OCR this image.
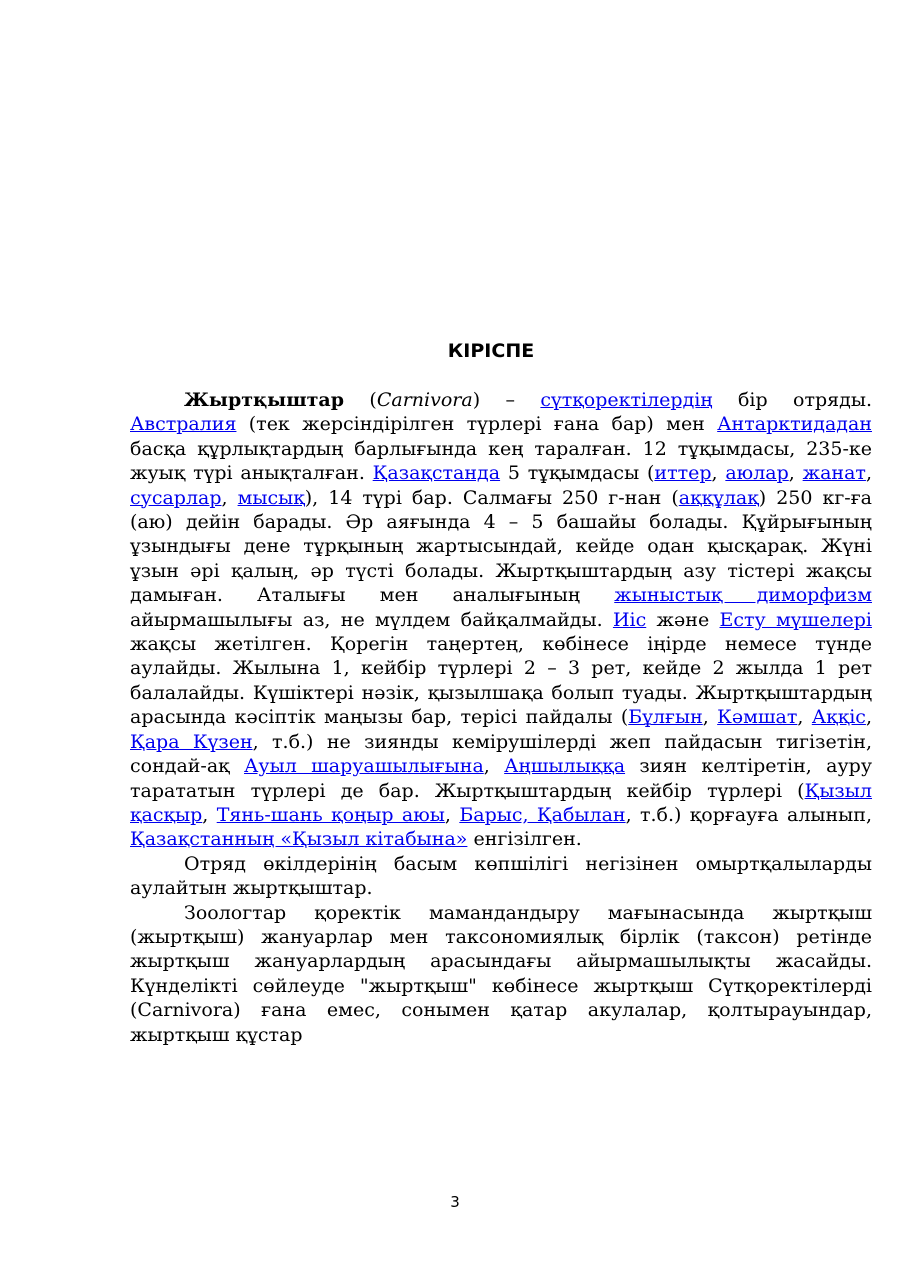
КІРІСПЕ

Жыртқыштар (Carnivora) – сүтқоректілердің бір отряды. Австралия (тек жерсіндірілген түрлері ғана бар) мен Антарктидадан басқа құрлықтардың барлығында кең таралған. 12 тұқымдасы, 235-ке жуық түрі анықталған. Қазақстанда 5 тұқымдасы (иттер, аюлар, жанат, сусарлар, мысық), 14 түрі бар. Салмағы 250 г-нан (аққұлақ) 250 кг-ға (аю) дейін барады. Әр аяғында 4 – 5 башайы болады. Құйрығының ұзындығы дене тұрқының жартысындай, кейде одан қысқарақ. Жүні ұзын әрі қалың, әр түсті болады. Жыртқыштардың азу тістері жақсы дамыған. Аталығы мен аналығының жыныстық диморфизм айырмашылығы аз, не мүлдем байқалмайды. Иіс және Есту мүшелері жақсы жетілген. Қорегін таңертең, көбінесе іңірде немесе түнде аулайды. Жылына 1, кейбір түрлері 2 – 3 рет, кейде 2 жылда 1 рет балалайды. Күшіктері нәзік, қызылшақа болып туады. Жыртқыштардың арасында кәсіптік маңызы бар, терісі пайдалы (Бұлғын, Кәмшат, Аққіс, Қара Күзен, т.б.) не зиянды кемірушілерді жеп пайдасын тигізетін, сондай-ақ Ауыл шаруашылығына, Аңшылыққа зиян келтіретін, ауру тарататын түрлері де бар. Жыртқыштардың кейбір түрлері (Қызыл қасқыр, Тянь-шань қоңыр аюы, Барыс, Қабылан, т.б.) қорғауға алынып, Қазақстанның «Қызыл кітабына» енгізілген.

Отряд өкілдерінің басым көпшілігі негізінен омыртқалыларды аулайтын жыртқыштар.

Зоологтар қоректік мамандандыру мағынасында жыртқыш (жыртқыш) жануарлар мен таксономиялық бірлік (таксон) ретінде жыртқыш жануарлардың арасындағы айырмашылықты жасайды. Күнделікті сөйлеуде "жыртқыш" көбінесе жыртқыш Сүтқоректілерді (Carnivora) ғана емес, сонымен қатар акулалар, қолтырауындар, жыртқыш құстар

3
